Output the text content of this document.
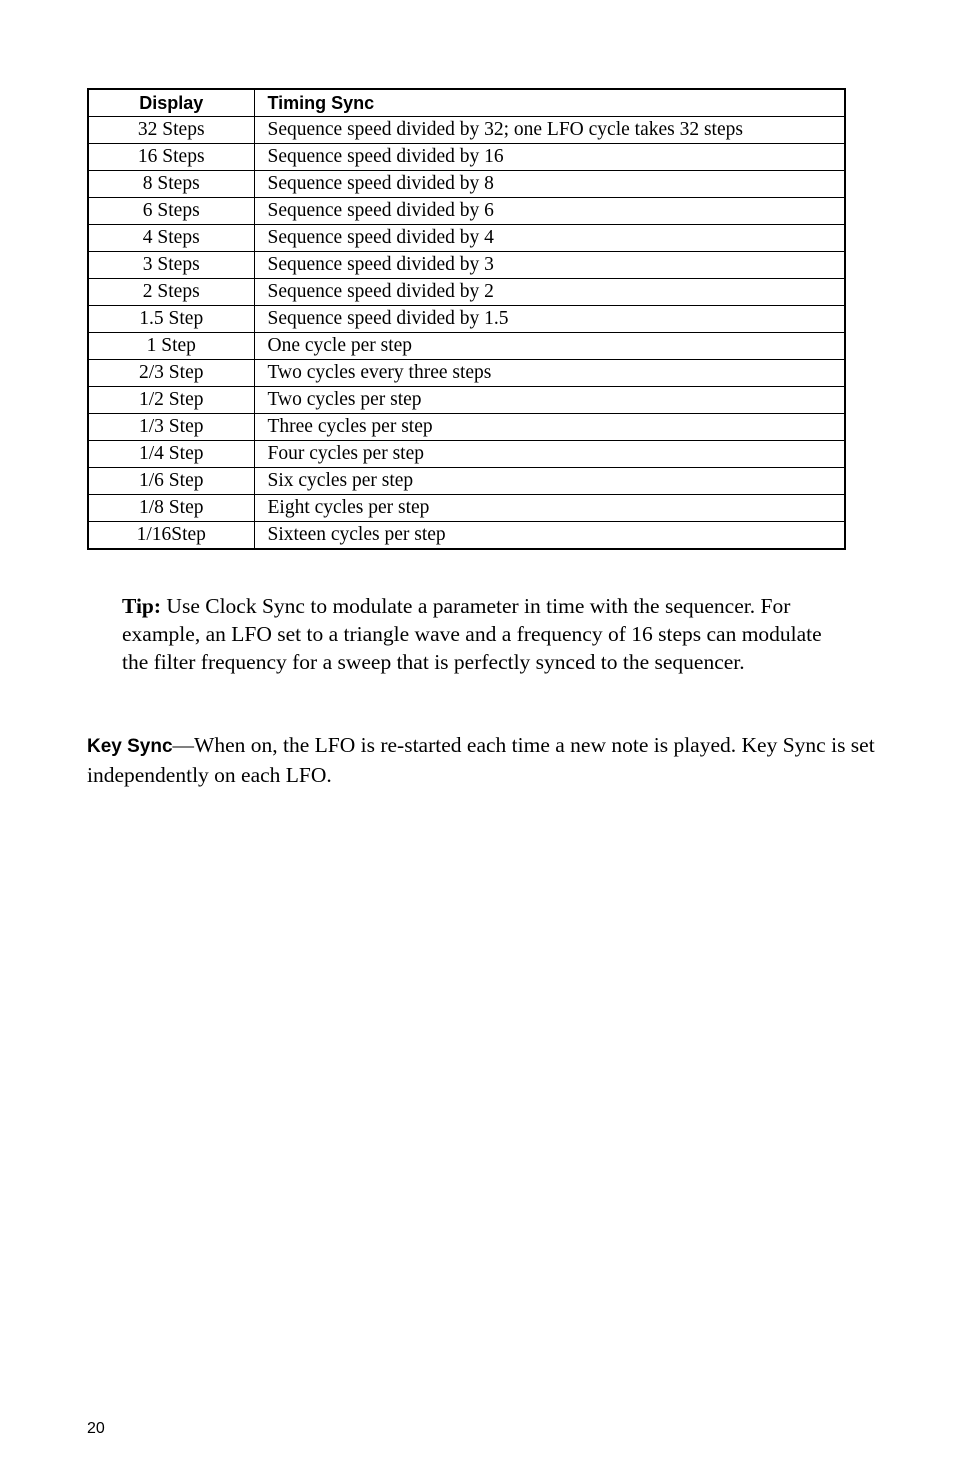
Display	Timing Sync
32 Steps	Sequence speed divided by 32; one LFO cycle takes 32 steps
16 Steps	Sequence speed divided by 16
8 Steps	Sequence speed divided by 8
6 Steps	Sequence speed divided by 6
4 Steps	Sequence speed divided by 4
3 Steps	Sequence speed divided by 3
2 Steps	Sequence speed divided by 2
1.5 Step	Sequence speed divided by 1.5
1 Step	One cycle per step
2/3 Step	Two cycles every three steps
1/2 Step	Two cycles per step
1/3 Step	Three cycles per step
1/4 Step	Four cycles per step
1/6 Step	Six cycles per step
1/8 Step	Eight cycles per step
1/16Step	Sixteen cycles per step

Tip: Use Clock Sync to modulate a parameter in time with the sequencer. For example, an LFO set to a triangle wave and a frequency of 16 steps can modulate the filter frequency for a sweep that is perfectly synced to the sequencer.

Key Sync—When on, the LFO is re-started each time a new note is played. Key Sync is set independently on each LFO.

20
